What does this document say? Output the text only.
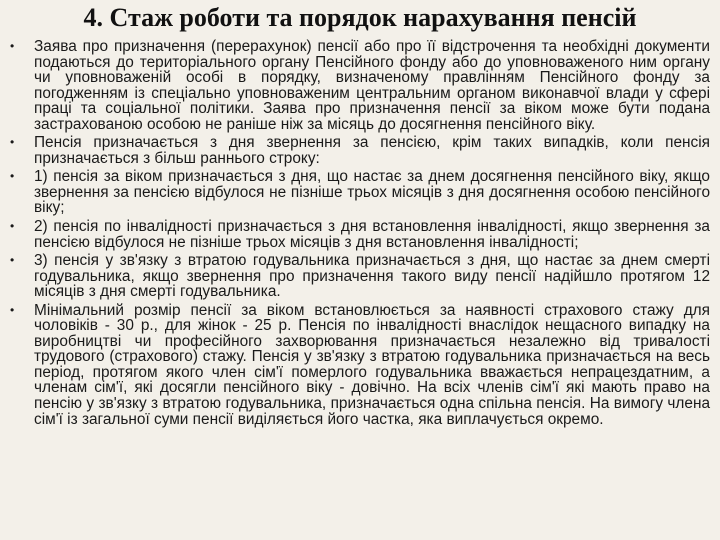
4. Стаж роботи та порядок нарахування пенсій
• Заява про призначення (перерахунок) пенсії або про її відстрочення та необхідні документи подаються до територіального органу Пенсійного фонду або до уповноваженого ним органу чи уповноваженій особі в порядку, визначеному правлінням Пенсійного фонду за погодженням із спеціально уповноваженим центральним органом виконавчої влади у сфері праці та соціальної політики. Заява про призначення пенсії за віком може бути подана застрахованою особою не раніше ніж за місяць до досягнення пенсійного віку.
• Пенсія призначається з дня звернення за пенсією, крім таких випадків, коли пенсія призначається з більш раннього строку:
• 1) пенсія за віком призначається з дня, що настає за днем досягнення пенсійного віку, якщо звернення за пенсією відбулося не пізніше трьох місяців з дня досягнення особою пенсійного віку;
• 2) пенсія по інвалідності призначається з дня встановлення інвалідності, якщо звернення за пенсією відбулося не пізніше трьох місяців з дня встановлення інвалідності;
• 3) пенсія у зв'язку з втратою годувальника призначається з дня, що настає за днем смерті годувальника, якщо звернення про призначення такого виду пенсії надійшло протягом 12 місяців з дня смерті годувальника.
• Мінімальний розмір пенсії за віком встановлюється за наявності страхового стажу для чоловіків - 30 р., для жінок - 25 р. Пенсія по інвалідності внаслідок нещасного випадку на виробництві чи професійного захворювання призначається незалежно від тривалості трудового (страхового) стажу. Пенсія у зв'язку з втратою годувальника призначається на весь період, протягом якого член сім'ї померлого годувальника вважається непрацездатним, а членам сім'ї, які досягли пенсійного віку - довічно. На всіх членів сім'ї які мають право на пенсію у зв'язку з втратою годувальника, призначається одна спільна пенсія. На вимогу члена сім'ї із загальної суми пенсії виділяється його частка, яка виплачується окремо.
